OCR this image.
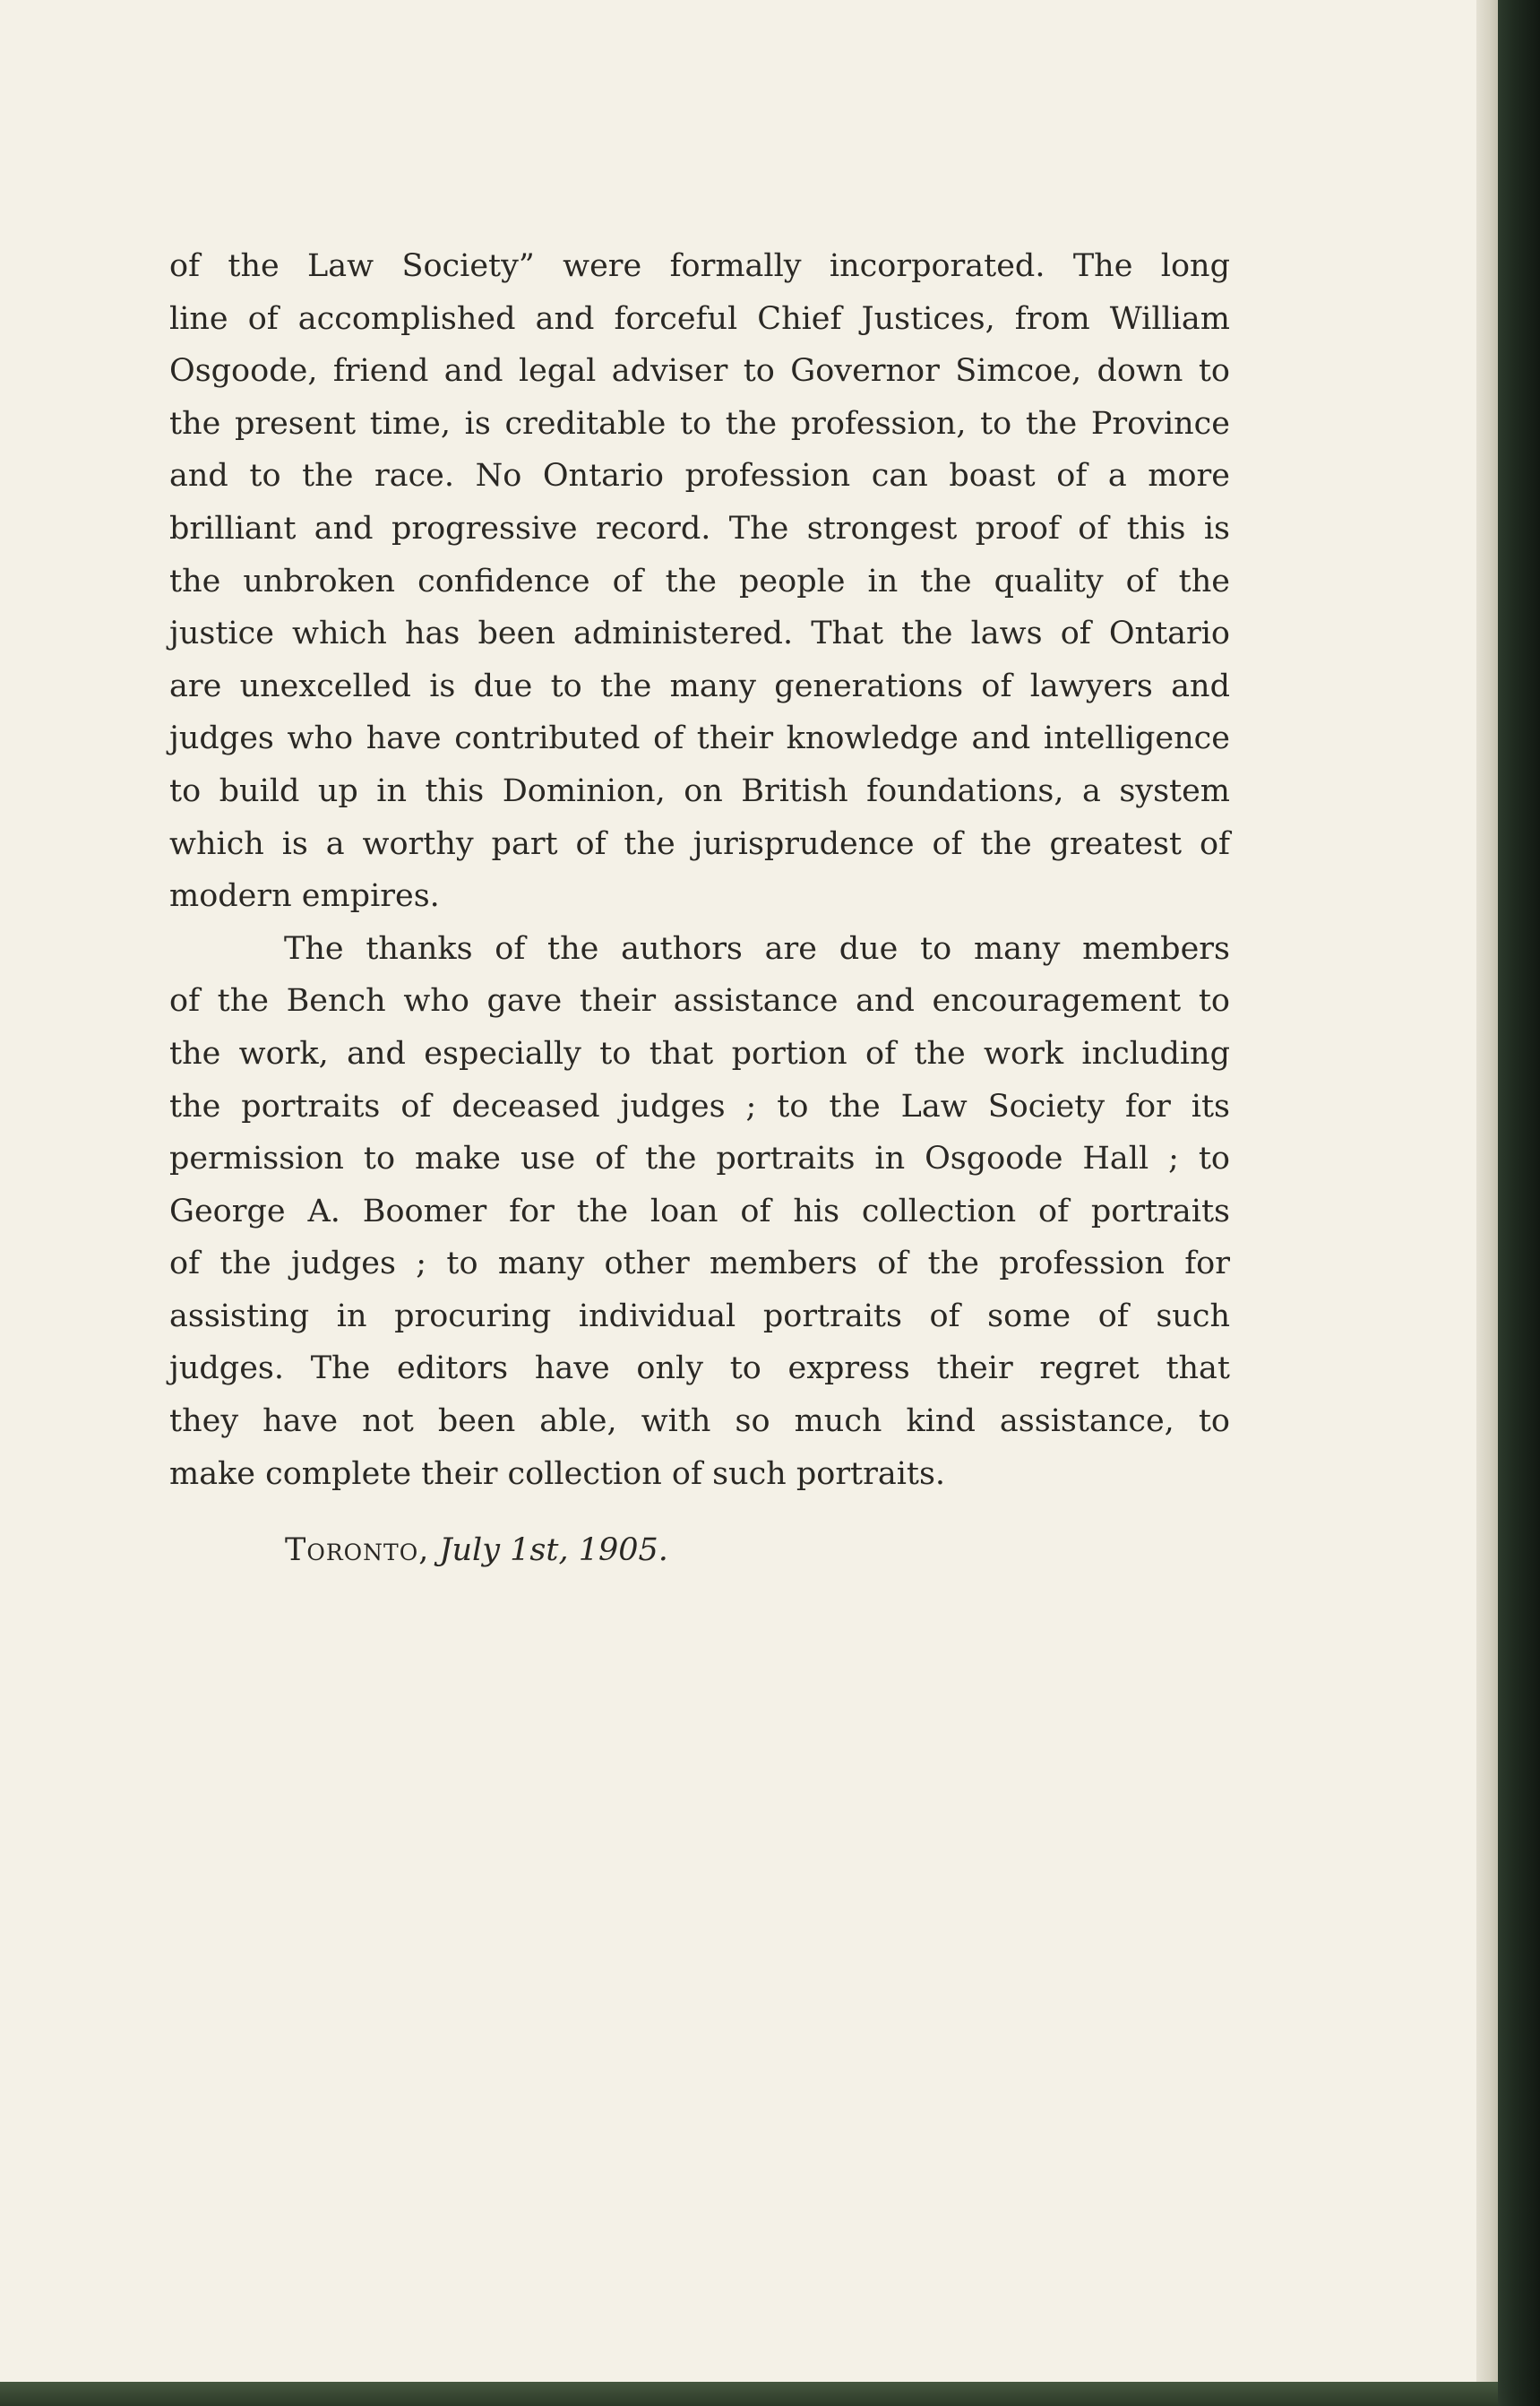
of the Law Society” were formally incorporated. The long
line of accomplished and forceful Chief Justices, from William
Osgoode, friend and legal adviser to Governor Simcoe, down to
the present time, is creditable to the profession, to the Province
and to the race. No Ontario profession can boast of a more
brilliant and progressive record. The strongest proof of this is
the unbroken confidence of the people in the quality of the
justice which has been administered. That the laws of Ontario
are unexcelled is due to the many generations of lawyers and
judges who have contributed of their knowledge and intelligence
to build up in this Dominion, on British foundations, a system
which is a worthy part of the jurisprudence of the greatest of
modern empires.
The thanks of the authors are due to many members
of the Bench who gave their assistance and encouragement to
the work, and especially to that portion of the work including
the portraits of deceased judges ; to the Law Society for its
permission to make use of the portraits in Osgoode Hall ; to
George A. Boomer for the loan of his collection of portraits
of the judges ; to many other members of the profession for
assisting in procuring individual portraits of some of such
judges. The editors have only to express their regret that
they have not been able, with so much kind assistance, to
make complete their collection of such portraits.
Toronto, July 1st, 1905.
